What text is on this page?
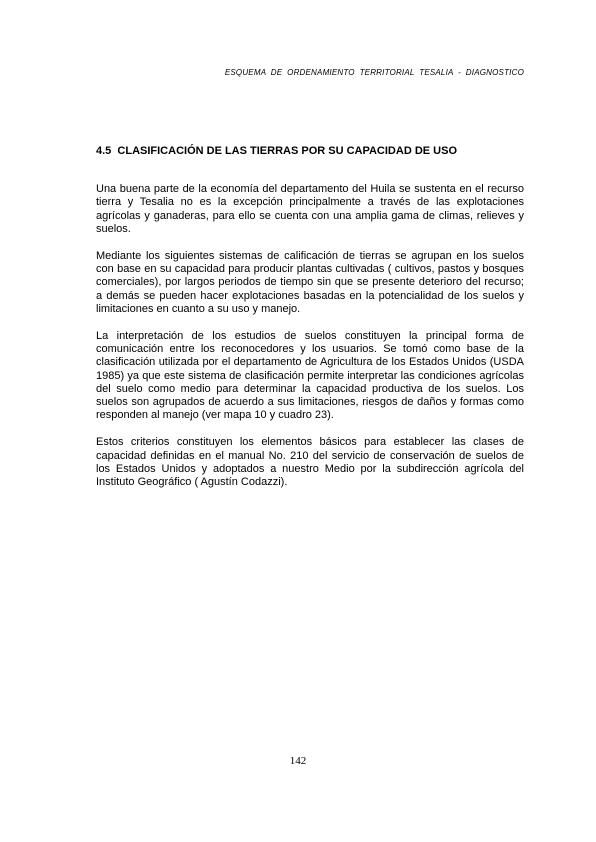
ESQUEMA  DE  ORDENAMIENTO  TERRITORIAL  TESALIA  -  DIAGNOSTICO
4.5  CLASIFICACIÓN DE LAS TIERRAS POR SU CAPACIDAD DE USO

Una buena parte de la economía del departamento del Huila se sustenta en el recurso tierra y Tesalia no es la excepción principalmente a través de las explotaciones agrícolas y ganaderas, para ello se cuenta con una amplia gama de climas, relieves y suelos.

Mediante los siguientes sistemas de calificación de tierras se agrupan en los suelos con base en su capacidad para producir plantas cultivadas ( cultivos, pastos y bosques comerciales), por largos periodos de tiempo sin que se presente deterioro del recurso; a demás se pueden hacer explotaciones basadas en la potencialidad de los suelos y limitaciones en cuanto a su uso y manejo.

La interpretación de los estudios de suelos constituyen la principal forma de comunicación entre los reconocedores y los usuarios. Se tomó como base de la clasificación utilizada por el departamento de Agricultura de los Estados Unidos (USDA 1985) ya que este sistema de clasificación permite interpretar las condiciones agrícolas del suelo como medio para determinar la capacidad productiva de los suelos. Los suelos son agrupados de acuerdo a sus limitaciones, riesgos de daños y formas como responden al manejo (ver mapa 10 y cuadro 23).

Estos criterios constituyen los elementos básicos para establecer las clases de capacidad definidas en el manual No. 210 del servicio de conservación de suelos de los Estados Unidos y adoptados a nuestro Medio por la subdirección agrícola del Instituto Geográfico ( Agustín Codazzi).

142
